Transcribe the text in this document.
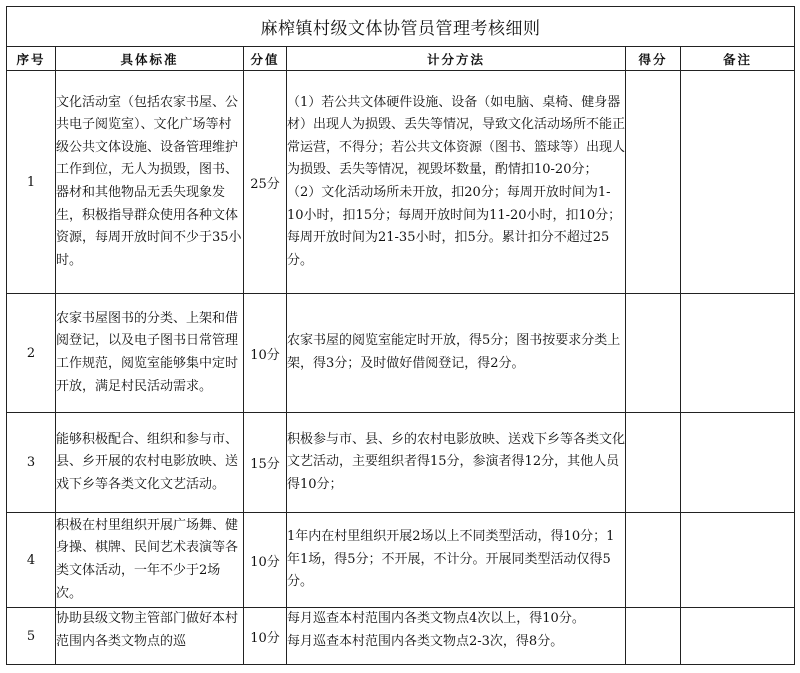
麻榨镇村级文体协管员管理考核细则					
序号	具体标准	分值	计分方法	得分	备注
1	文化活动室（包括农家书屋、公共电子阅览室）、文化广场等村级公共文体设施、设备管理维护工作到位，无人为损毁，图书、器材和其他物品无丢失现象发生，积极指导群众使用各种文体资源，每周开放时间不少于35小时。	25分	（1）若公共文体硬件设施、设备（如电脑、桌椅、健身器材）出现人为损毁、丢失等情况，导致文化活动场所不能正常运营，不得分；若公共文体资源（图书、篮球等）出现人为损毁、丢失等情况，视毁坏数量，酌情扣10-20分；
（2）文化活动场所未开放，扣20分；每周开放时间为1-10小时，扣15分；每周开放时间为11-20小时，扣10分；每周开放时间为21-35小时，扣5分。累计扣分不超过25分。		
2	农家书屋图书的分类、上架和借阅登记，以及电子图书日常管理工作规范，阅览室能够集中定时开放，满足村民活动需求。	10分	农家书屋的阅览室能定时开放，得5分；图书按要求分类上架，得3分；及时做好借阅登记，得2分。		
3	能够积极配合、组织和参与市、县、乡开展的农村电影放映、送戏下乡等各类文化文艺活动。	15分	积极参与市、县、乡的农村电影放映、送戏下乡等各类文化文艺活动，主要组织者得15分，参演者得12分，其他人员得10分；		
4	积极在村里组织开展广场舞、健身操、棋牌、民间艺术表演等各类文体活动，一年不少于2场次。	10分	1年内在村里组织开展2场以上不同类型活动，得10分；1年1场，得5分；不开展，不计分。开展同类型活动仅得5分。		
5	协助县级文物主管部门做好本村范围内各类文物点的巡	10分	每月巡查本村范围内各类文物点4次以上，得10分。
每月巡查本村范围内各类文物点2-3次，得8分。		
